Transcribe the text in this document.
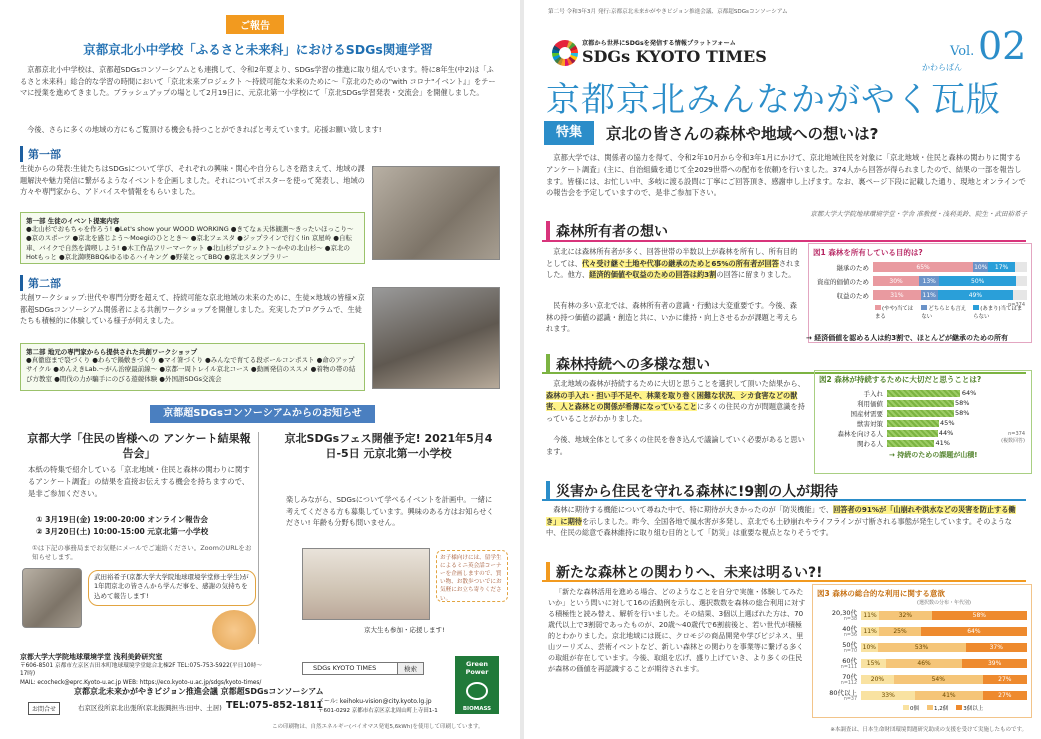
ご報告
京都京北小中学校「ふるさと未来科」におけるSDGs関連学習
京都京北小中学校は、京都超SDGsコンソーシアムとも連携して、令和2年夏より、SDGs学習の推進に取り組んでいます。特に8年生(中2)は「ふるさと未来科」総合的な学習の時間において「京北未来プロジェクト ～持続可能な未来のために～『京北のための"with コロナ"イベント』」をテーマに授業を進めてきました。ブラッシュアップの場として2月19日に、元京北第一小学校にて「京北SDGs学習発表・交流会」を開催しました。
今後、さらに多くの地域の方にもご覧頂ける機会も持つことができればと考えています。応援お願い致します!
第一部
生徒からの発表:生徒たちはSDGsについて学び、それぞれの興味・関心や自分らしさを踏まえて、地域の課題解決や魅力発信に繋がるようなイベントを企画しました。それについてポスターを使って発表し、地域の方々や専門家から、アドバイスや情報をもらいました。
第一部 生徒のイベント提案内容
●北山杉でおもちゃを作ろう! ●Let's show your WOOD WORKING ●きてなぁ天体観測～きったいほっこり～ ●京のスポーツ ●京北を感じよう～Moegiのひととき～ ●京北フェスタ ●ジップラインで行く!in 京屋岭 ●自転車、バイクで自然を満喫しよう! ●木工作品フリーマーケット ●北山杉プロジェクト～かやの北山杉～ ●京北のHotもっと ●京北満喫BBQ&ゆるゆるハイキング ●野菜とってBBQ ●京北スタンプラリー
第二部
共創ワークショップ:世代や専門分野を超えて、持続可能な京北地域の未来のために、生徒×地域の皆様×京都超SDGsコンソーシアム関係者による共創ワークショップを開催しました。充実したプログラムで、生徒たちも積極的に体験している様子が伺えました。
第二部 地元の専門家からら提供された共創ワークショップ
●真徹庭まで裂づくり ●わらで鍋敷きづくり ●マイ箸づくり ●みんなで育てる段ボールコンポスト ●命のアップサイクル ●めんえきLab.～がん治療最前線～ ●京都一周トレイル京北コース ●動画発信のススメ ●着物の帯の結び方教室 ●間伐の力が騙手にのびる遊競体験 ●外国語SDGs交流会
京都超SDGsコンソーシアムからのお知らせ
京都大学「住民の皆様への アンケート結果報告会」
本紙の特集で紹介している「京北地域・住民と森林の関わりに関するアンケート調査」の結果を直接お伝えする機会を持ちますので、是非ご参加ください。
① 3月19日(金) 19:00-20:00 オンライン報告会
② 3月20日(土) 10:00-15:00 元京北第一小学校
①は下記の事務局までお気軽にメールでご連絡ください。ZoomのURLをお知らせします。
武田裕希子(京都大学大学院地球環境学堂修士学生)が1年間京北の皆さんから学んだ事を、感謝の気持ちを込めて報告します!
京都大学大学院地球環境学堂 浅利美鈴研究室
〒606-8501 京都市左京区吉田本町地球環境学堂総合北棟2F TEL:075-753-5922(平日10時～17時)
MAIL: ecocheck@eprc.Kyoto-u.ac.jp WEB: https://eco.kyoto-u.ac.jp/sdgs/kyoto-times/
京北SDGsフェス開催予定! 2021年5月4日-5日 元京北第一小学校
楽しみながら、SDGsについて学べるイベントを計画中。一緒に考えてくださる方も募集しています。興味のある方はお知らせください! 年齢も分野も問いません。
京大生も参加・応援します!
お子様向けには、留学生によるミニ英会話コーナーを企画しますので、質い物、お散歩ついでにお気軽にお立ち寄りください。
SDGs KYOTO TIMES	検索
Green Power
BIOMASS
京都京北未来かがやきビジョン推進会議 京都超SDGsコンソーシアム
お問合せ	右京区役所京北出張所(京北振興担当:田中、土居) TEL:075-852-1811
メール: keihoku-vision@city.kyoto.lg.jp
〒601-0292 京都市右京区京北周山町上寺田1-1
この印刷物は、自然エネルギー(バイオマス発電5,6kWh)を使用して印刷しています。
第二号 令和3年3月 発行:京都京北未来かがやきビジョン推進会議、京都超SDGsコンソーシアム
京都から世界にSDGsを発信する情報プラットフォーム
SDGs KYOTO TIMES	Vol. 02
かわらばん
京都京北みんなかがやく瓦版
特集	京北の皆さんの森林や地域への想いは?
京都大学では、関係者の協力を得て、令和2年10月から令和3年1月にかけて、京北地域住民を対象に「京北地域・住民と森林の関わりに関するアンケート調査」(主に、自治組織を通じて全2029世帯への配布を依頼)を行いました。374人から回答が得られましたので、結果の一部を報告します。皆様には、お忙しい中、多岐に渡る設問に丁寧にご回答頂き、感謝申し上げます。なお、裏ページ下段に記載した通り、現地とオンラインでの報告会を予定していますので、是非ご参加下さい。
京都大学大学院地球環境学堂・学舎 准教授・浅利美鈴、院生・武田裕希子
森林所有者の想い
京北には森林所有者が多く、回答世帯の半数以上が森林を所有し、所有目的としては、代々受け継ぐ土地や代事の継承のためと65%の所有者が回答されました。他方、経済的価値や収益のための回答は約3割の回答に留まりました。
民有林の多い京北では、森林所有者の意識・行動は大変重要です。今後、森林の持つ価値の認識・創造と共に、いかに維持・向上させるかが課題と考えられます。
図1 森林を所有している目的は?
継承のため	65%	10%	17%
資産的価値のため	30%	13%	50%
収益のため	31%	11%	49%
(やや)当てはまる
どちらとも言えない
(あまり)当てはまらない
n=374
→ 経済価値を認める人は約3割で、ほとんどが継承のための所有
森林持続への多様な想い
京北地域の森林が持続するために大切と思うことを選択して頂いた結果から、森林の手入れ・担い手不足や、林業を取り巻く困難な状況、シカ食害などの獣害、人と森林との関係が希薄になっていることに多くの住民の方が問題意識を持っていることがわかりました。
今後、地域全体として多くの住民を巻き込んで議論していく必要があると思います。
図2 森林が持続するために大切だと思うことは?
手入れ	64%
利用価値	58%
国産材需要	58%
獣害対策	45%
森林を向ける人	44%
関わる人	41%
n=374 (複数回答)
→ 持続のための課題が山積!
災害から住民を守れる森林に!9割の人が期待
森林に期待する機能について尋ねた中で、特に期待が大きかったのが「防災機能」で、回答者の91%が「山崩れや洪水などの災害を防止する働き」に期待を示しました。昨今、全国各地で風水害が多発し、京北でも土砂崩れやライフラインが寸断される事態が発生しています。そのような中、住民の総意で森林維持に取り組む目的として「防災」は重要な視点となりそうです。
新たな森林との関わりへ、未来は明るい?!
「新たな森林活用を進める場合、どのようなことを自分で実施・体験してみたいか」という問いに対して16の活動例を示し、選択数数を森林の総合利用に対する積極性と読み替え、解析を行いました。その結果、3個以上選ばれた方は、70歳代以上で3割弱であったものが、20歳～40歳代で6割前後と、若い世代が積極的とわかりました。京北地域には既に、クロモジの商品開発や学びビジネス、里山ツーリズム、芸術イベントなど、新しい森林との関わりを事業等に繋げる多くの取組が存在しています。今後、取組を広げ、盛り上げていき、より多くの住民が森林の価値を再認識することが期待されます。
図3 森林の総合的な利用に関する意欲
(選択数の分布・年代別)
20,30代
n=38
11%	32%	58%
40代
n=36
11%	25%	64%
50代
n=70
10%	53%	37%
60代
n=111
15%	46%	39%
70代
n=112
20%	54%	27%
80代以上
n=37
33%	41%	27%
0個	1,2個	3個以上
※本調査は、日本生命財団環境問題研究助成の支援を受けて実施したものです。
